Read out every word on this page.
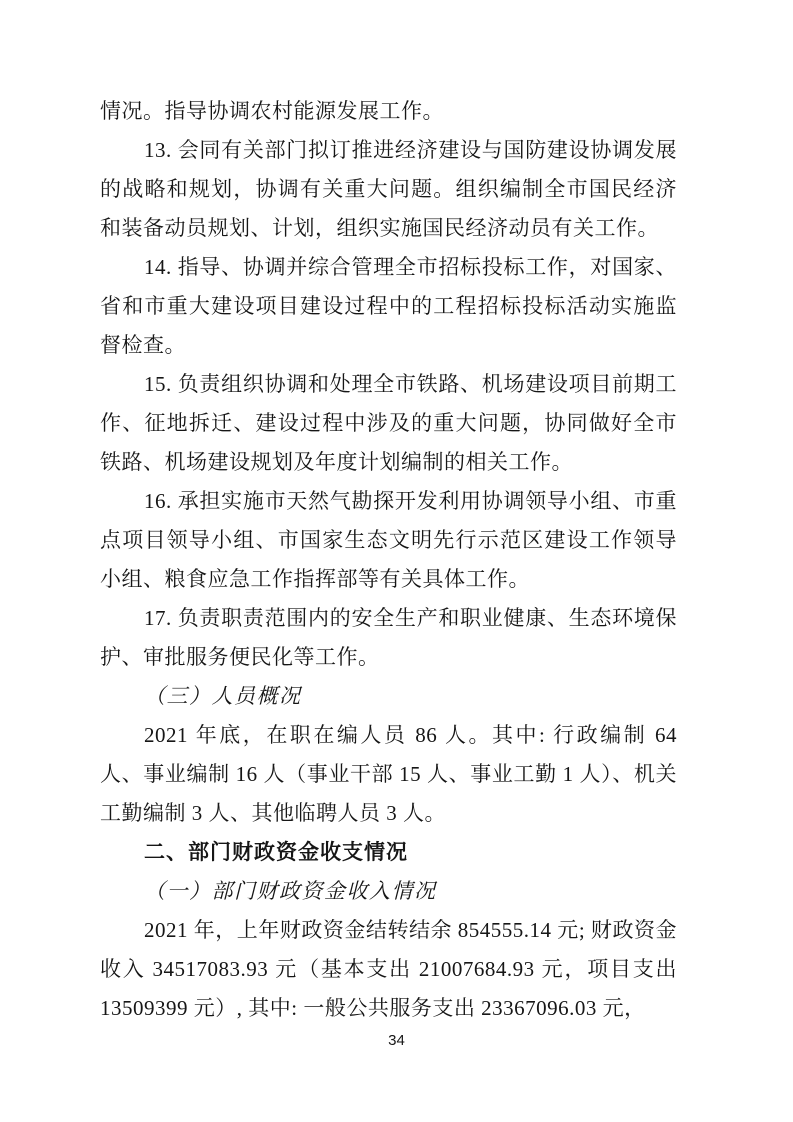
情况。指导协调农村能源发展工作。

13. 会同有关部门拟订推进经济建设与国防建设协调发展的战略和规划，协调有关重大问题。组织编制全市国民经济和装备动员规划、计划，组织实施国民经济动员有关工作。

14. 指导、协调并综合管理全市招标投标工作，对国家、省和市重大建设项目建设过程中的工程招标投标活动实施监督检查。

15. 负责组织协调和处理全市铁路、机场建设项目前期工作、征地拆迁、建设过程中涉及的重大问题，协同做好全市铁路、机场建设规划及年度计划编制的相关工作。

16. 承担实施市天然气勘探开发利用协调领导小组、市重点项目领导小组、市国家生态文明先行示范区建设工作领导小组、粮食应急工作指挥部等有关具体工作。

17. 负责职责范围内的安全生产和职业健康、生态环境保护、审批服务便民化等工作。

（三）人员概况

2021 年底，在职在编人员 86 人。其中: 行政编制 64 人、事业编制 16 人（事业干部 15 人、事业工勤 1 人）、机关工勤编制 3 人、其他临聘人员 3 人。

二、部门财政资金收支情况

（一）部门财政资金收入情况

2021 年，上年财政资金结转结余 854555.14 元; 财政资金收入 34517083.93 元（基本支出 21007684.93 元，项目支出 13509399 元）, 其中: 一般公共服务支出 23367096.03 元，

34
